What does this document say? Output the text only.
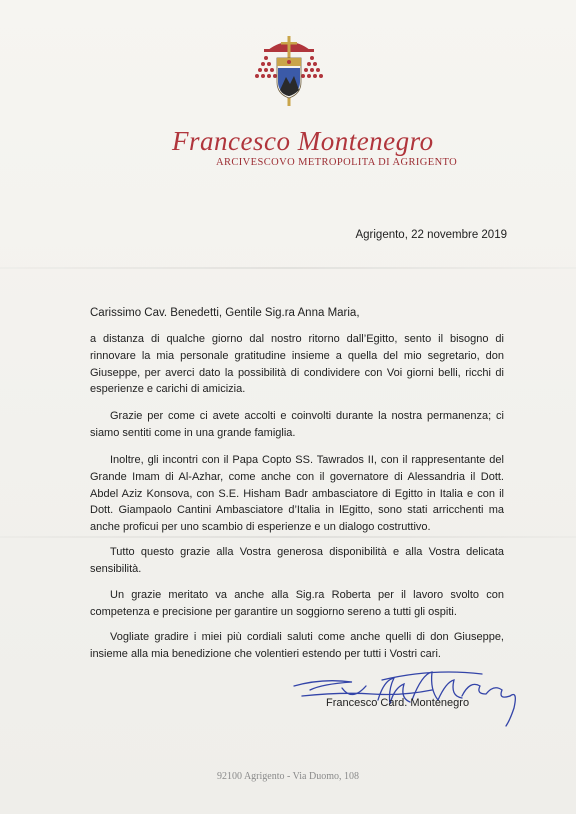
Francesco Montenegro
ARCIVESCOVO METROPOLITA DI AGRIGENTO
Agrigento, 22 novembre 2019
Carissimo Cav. Benedetti, Gentile Sig.ra Anna Maria,

a distanza di qualche giorno dal nostro ritorno dall’Egitto, sento il bisogno di rinnovare la mia personale gratitudine insieme a quella del mio segretario, don Giuseppe, per averci dato la possibilità di condividere con Voi giorni belli, ricchi di esperienze e carichi di amicizia.

Grazie per come ci avete accolti e coinvolti durante la nostra permanenza; ci siamo sentiti come in una grande famiglia.

Inoltre, gli incontri con il Papa Copto SS. Tawrados II, con il rappresentante del Grande Imam di Al-Azhar, come anche con il governatore di Alessandria il Dott. Abdel Aziz Konsova, con S.E. Hisham Badr ambasciatore di Egitto in Italia e con il Dott. Giampaolo Cantini Ambasciatore d’Italia in lEgitto, sono stati arricchenti ma anche proficui per uno scambio di esperienze e un dialogo costruttivo.

Tutto questo grazie alla Vostra generosa disponibilità e alla Vostra delicata sensibilità.

Un grazie meritato va anche alla Sig.ra Roberta per il lavoro svolto con competenza e precisione per garantire un soggiorno sereno a tutti gli ospiti.

Vogliate gradire i miei più cordiali saluti come anche quelli di don Giuseppe, insieme alla mia benedizione che volentieri estendo per tutti i Vostri cari.

Francesco Card. Montenegro
92100 Agrigento - Via Duomo, 108
